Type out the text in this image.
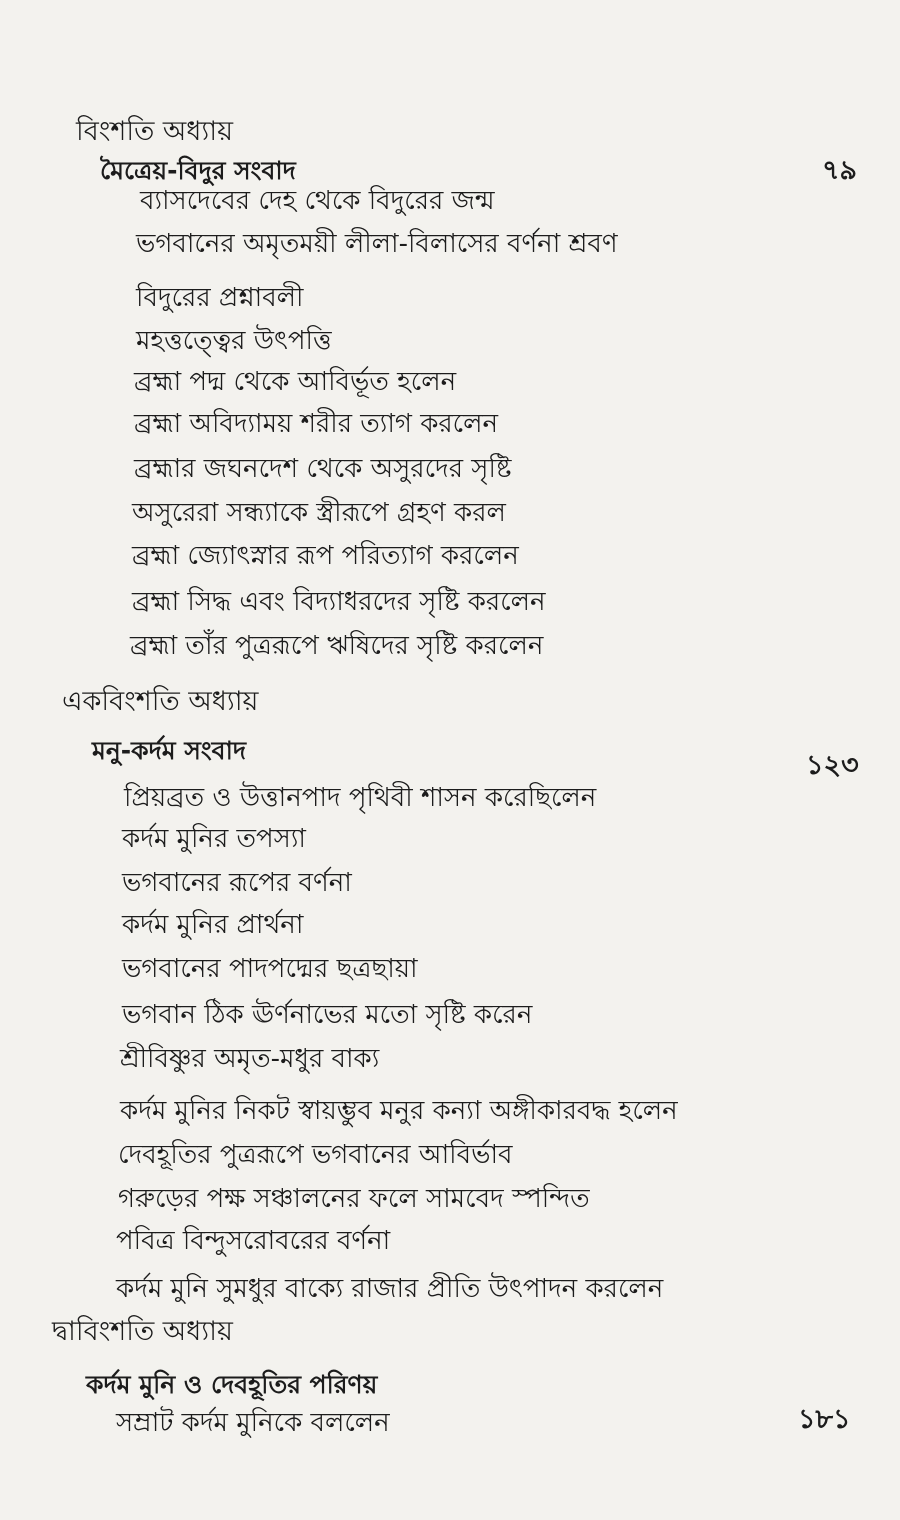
বিংশতি অধ্যায়
মৈত্রেয়-বিদুর সংবাদ	৭৯
ব্যাসদেবের দেহ থেকে বিদুরের জন্ম
ভগবানের অমৃতময়ী লীলা-বিলাসের বর্ণনা শ্রবণ
বিদুরের প্রশ্নাবলী
মহত্তত্ত্বের উৎপত্তি
ব্রহ্মা পদ্ম থেকে আবির্ভূত হলেন
ব্রহ্মা অবিদ্যাময় শরীর ত্যাগ করলেন
ব্রহ্মার জঘনদেশ থেকে অসুরদের সৃষ্টি
অসুরেরা সন্ধ্যাকে স্ত্রীরূপে গ্রহণ করল
ব্রহ্মা জ্যোৎস্নার রূপ পরিত্যাগ করলেন
ব্রহ্মা সিদ্ধ এবং বিদ্যাধরদের সৃষ্টি করলেন
ব্রহ্মা তাঁর পুত্ররূপে ঋষিদের সৃষ্টি করলেন
একবিংশতি অধ্যায়
মনু-কর্দম সংবাদ	১২৩
প্রিয়ব্রত ও উত্তানপাদ পৃথিবী শাসন করেছিলেন
কর্দম মুনির তপস্যা
ভগবানের রূপের বর্ণনা
কর্দম মুনির প্রার্থনা
ভগবানের পাদপদ্মের ছত্রছায়া
ভগবান ঠিক ঊর্ণনাভের মতো সৃষ্টি করেন
শ্রীবিষ্ণুর অমৃত-মধুর বাক্য
কর্দম মুনির নিকট স্বায়ম্ভুব মনুর কন্যা অঙ্গীকারবদ্ধ হলেন
দেবহূতির পুত্ররূপে ভগবানের আবির্ভাব
গরুড়ের পক্ষ সঞ্চালনের ফলে সামবেদ স্পন্দিত
পবিত্র বিন্দুসরোবরের বর্ণনা
কর্দম মুনি সুমধুর বাক্যে রাজার প্রীতি উৎপাদন করলেন
দ্বাবিংশতি অধ্যায়
কর্দম মুনি ও দেবহূতির পরিণয়
১৮১
সম্রাট কর্দম মুনিকে বললেন
